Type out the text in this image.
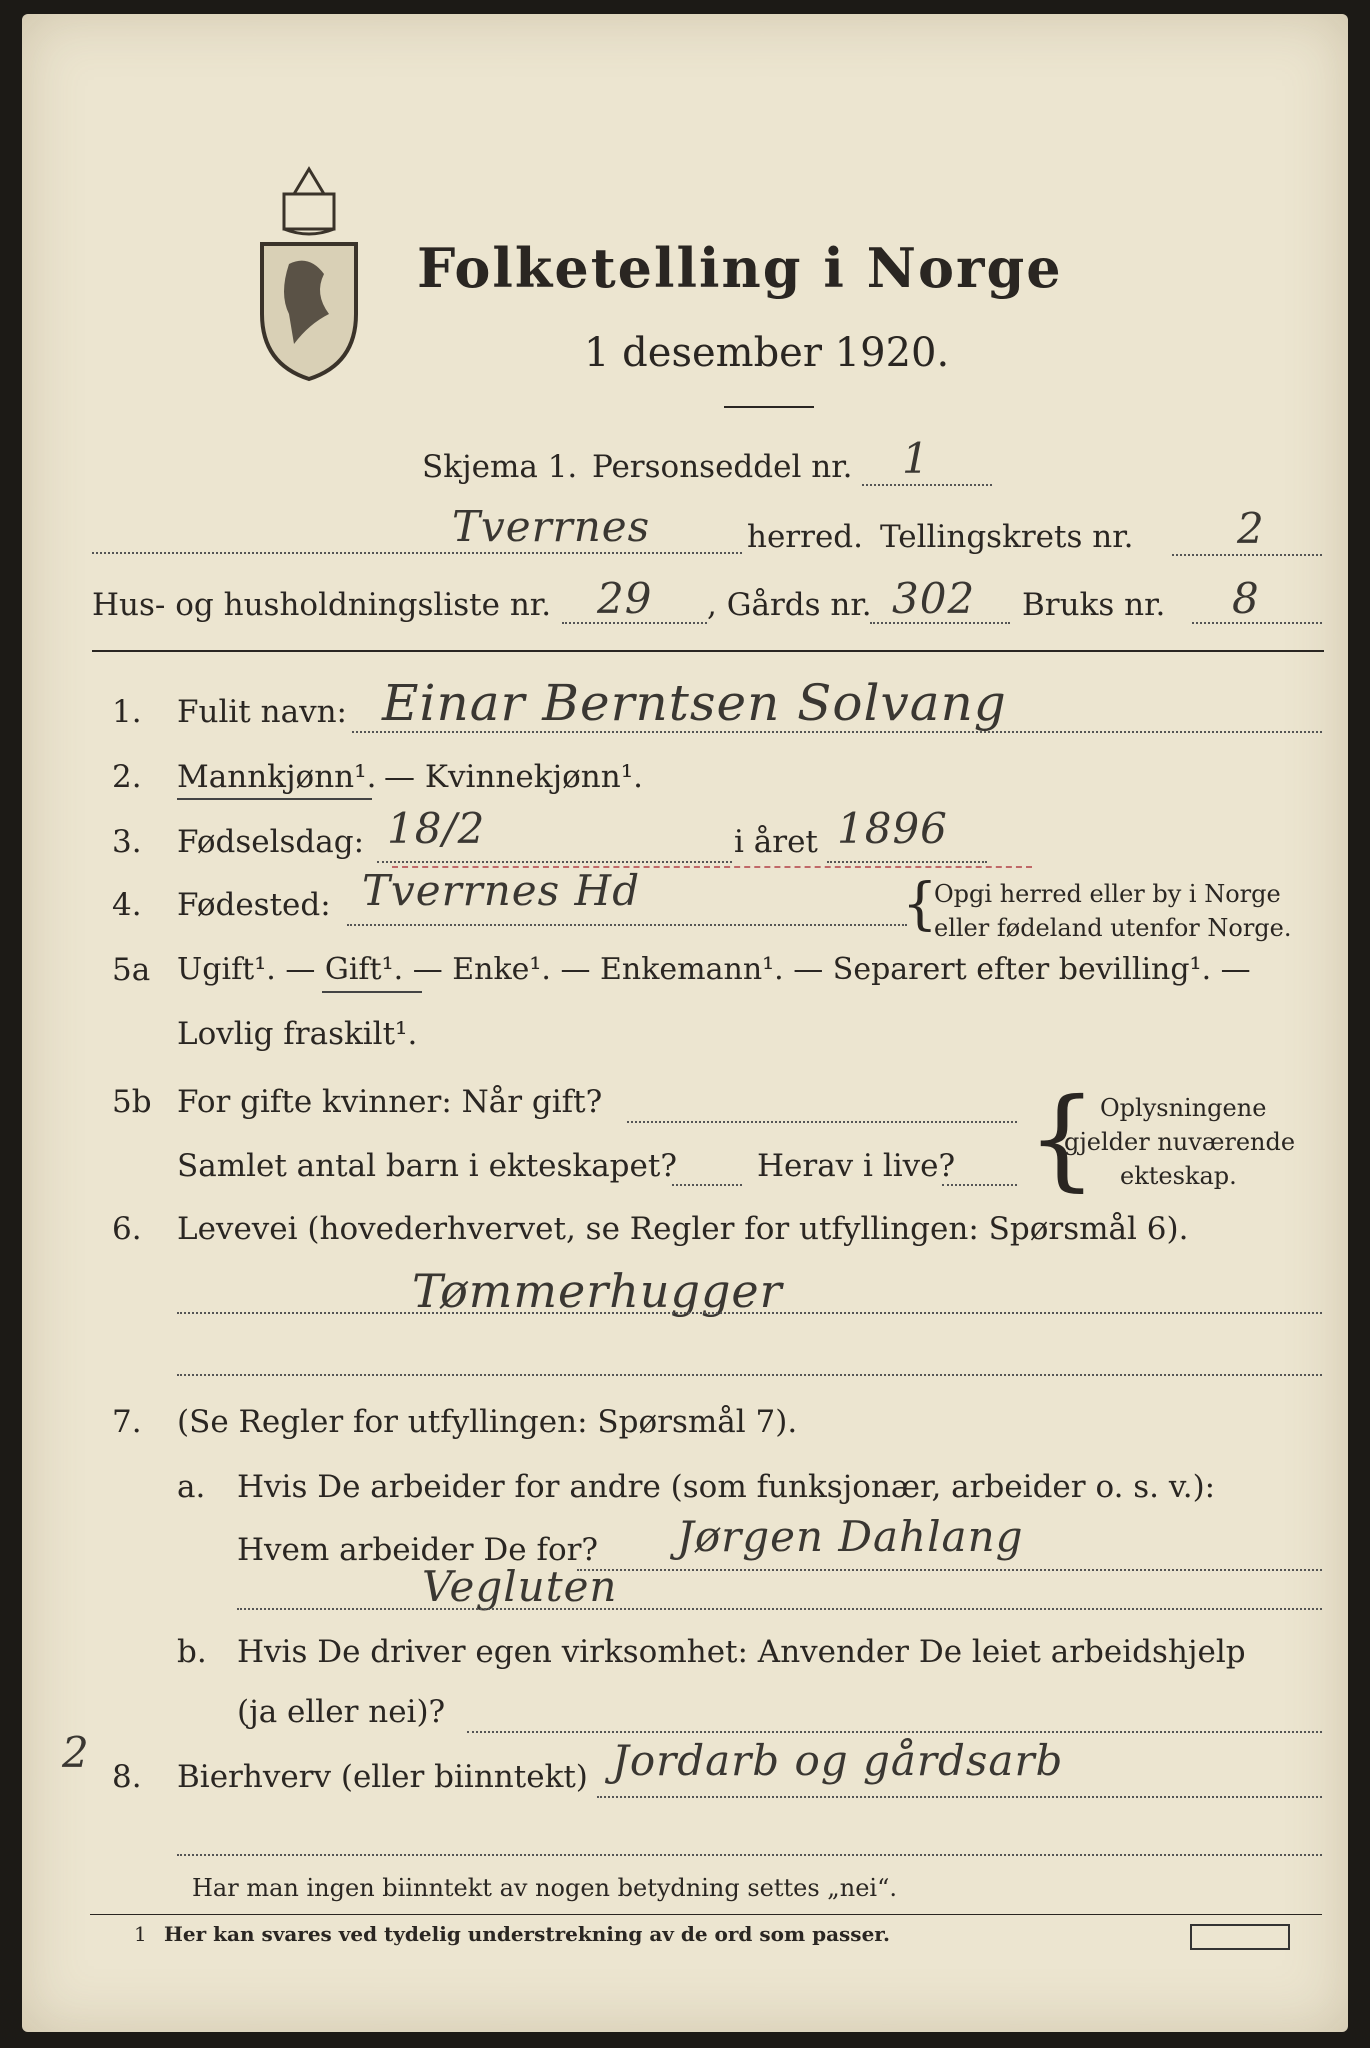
Folketelling i Norge
1 desember 1920.
Skjema 1. Personseddel nr. 1
Tverrnes	herred. Tellingskrets nr. 2
Hus- og husholdningsliste nr. 29 , Gårds nr. 302 Bruks nr. 8
1. Fulit navn: Einar Berntsen Solvang
2. Mannkjønn¹. — Kvinnekjønn¹.
3. Fødselsdag: 18/2	i året 1896
4. Fødested: Tverrnes Hd	{
Opgi herred eller by i Norge
eller fødeland utenfor Norge.
5a Ugift¹. — Gift¹. — Enke¹. — Enkemann¹. — Separert efter bevilling¹. —
Lovlig fraskilt¹.
5b For gifte kvinner: Når gift?
Samlet antal barn i ekteskapet?	Herav i live? { Oplysningene
gjelder nuværende
ekteskap.
6. Levevei (hovederhvervet, se Regler for utfyllingen: Spørsmål 6).
Tømmerhugger
7. (Se Regler for utfyllingen: Spørsmål 7).
a. Hvis De arbeider for andre (som funksjonær, arbeider o. s. v.):
Hvem arbeider De for? Jørgen Dahlang
Vegluten
b. Hvis De driver egen virksomhet: Anvender De leiet arbeidshjelp
(ja eller nei)?
2 8. Bierhverv (eller biinntekt) Jordarb og gårdsarb
Har man ingen biinntekt av nogen betydning settes „nei“.
1 Her kan svares ved tydelig understrekning av de ord som passer.
